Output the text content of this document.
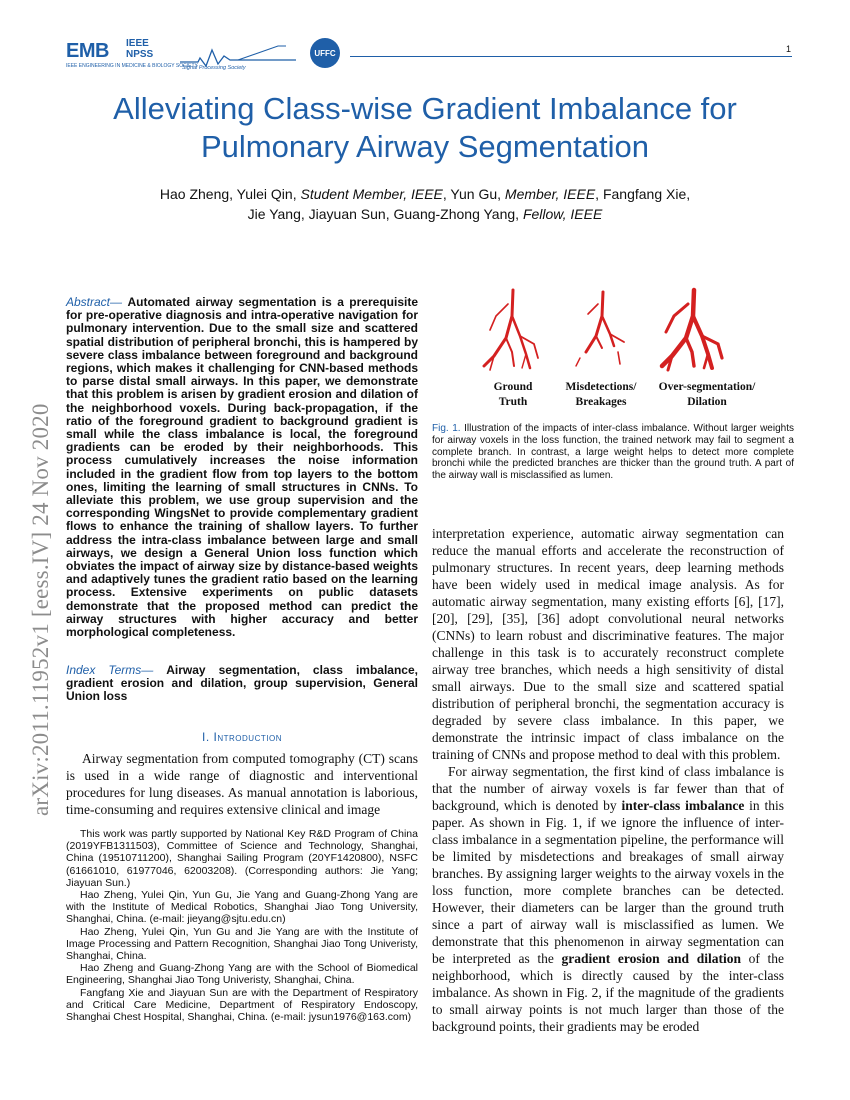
EMB
IEEE ENGINEERING IN MEDICINE & BIOLOGY SOCIETY
IEEE
NPSS
Signal Processing Society
UFFC	1
Alleviating Class-wise Gradient Imbalance for
Pulmonary Airway Segmentation
Hao Zheng, Yulei Qin, Student Member, IEEE, Yun Gu, Member, IEEE, Fangfang Xie,
Jie Yang, Jiayuan Sun, Guang-Zhong Yang, Fellow, IEEE
arXiv:2011.11952v1 [eess.IV] 24 Nov 2020
Abstract— Automated airway segmentation is a prerequisite for pre-operative diagnosis and intra-operative navigation for pulmonary intervention. Due to the small size and scattered spatial distribution of peripheral bronchi, this is hampered by severe class imbalance between foreground and background regions, which makes it challenging for CNN-based methods to parse distal small airways. In this paper, we demonstrate that this problem is arisen by gradient erosion and dilation of the neighborhood voxels. During back-propagation, if the ratio of the foreground gradient to background gradient is small while the class imbalance is local, the foreground gradients can be eroded by their neighborhoods. This process cumulatively increases the noise information included in the gradient flow from top layers to the bottom ones, limiting the learning of small structures in CNNs. To alleviate this problem, we use group supervision and the corresponding WingsNet to provide complementary gradient flows to enhance the training of shallow layers. To further address the intra-class imbalance between large and small airways, we design a General Union loss function which obviates the impact of airway size by distance-based weights and adaptively tunes the gradient ratio based on the learning process. Extensive experiments on public datasets demonstrate that the proposed method can predict the airway structures with higher accuracy and better morphological completeness.
Index Terms— Airway segmentation, class imbalance, gradient erosion and dilation, group supervision, General Union loss
I. Introduction

Airway segmentation from computed tomography (CT) scans is used in a wide range of diagnostic and interventional procedures for lung diseases. As manual annotation is laborious, time-consuming and requires extensive clinical and image

This work was partly supported by National Key R&D Program of China (2019YFB1311503), Committee of Science and Technology, Shanghai, China (19510711200), Shanghai Sailing Program (20YF1420800), NSFC (61661010, 61977046, 62003208). (Corresponding authors: Jie Yang; Jiayuan Sun.)

Hao Zheng, Yulei Qin, Yun Gu, Jie Yang and Guang-Zhong Yang are with the Institute of Medical Robotics, Shanghai Jiao Tong University, Shanghai, China. (e-mail: jieyang@sjtu.edu.cn)

Hao Zheng, Yulei Qin, Yun Gu and Jie Yang are with the Institute of Image Processing and Pattern Recognition, Shanghai Jiao Tong Univeristy, Shanghai, China.

Hao Zheng and Guang-Zhong Yang are with the School of Biomedical Engineering, Shanghai Jiao Tong Univeristy, Shanghai, China.

Fangfang Xie and Jiayuan Sun are with the Department of Respiratory and Critical Care Medicine, Department of Respiratory Endoscopy, Shanghai Chest Hospital, Shanghai, China. (e-mail: jysun1976@163.com)

Ground
Truth
Misdetections/
Breakages
Over-segmentation/
Dilation
Fig. 1. Illustration of the impacts of inter-class imbalance. Without larger weights for airway voxels in the loss function, the trained network may fail to segment a complete branch. In contrast, a large weight helps to detect more complete bronchi while the predicted branches are thicker than the ground truth. A part of the airway wall is misclassified as lumen.

interpretation experience, automatic airway segmentation can reduce the manual efforts and accelerate the reconstruction of pulmonary structures. In recent years, deep learning methods have been widely used in medical image analysis. As for automatic airway segmentation, many existing efforts [6], [17], [20], [29], [35], [36] adopt convolutional neural networks (CNNs) to learn robust and discriminative features. The major challenge in this task is to accurately reconstruct complete airway tree branches, which needs a high sensitivity of distal small airways. Due to the small size and scattered spatial distribution of peripheral bronchi, the segmentation accuracy is degraded by severe class imbalance. In this paper, we demonstrate the intrinsic impact of class imbalance on the training of CNNs and propose method to deal with this problem.

For airway segmentation, the first kind of class imbalance is that the number of airway voxels is far fewer than that of background, which is denoted by inter-class imbalance in this paper. As shown in Fig. 1, if we ignore the influence of inter-class imbalance in a segmentation pipeline, the performance will be limited by misdetections and breakages of small airway branches. By assigning larger weights to the airway voxels in the loss function, more complete branches can be detected. However, their diameters can be larger than the ground truth since a part of airway wall is misclassified as lumen. We demonstrate that this phenomenon in airway segmentation can be interpreted as the gradient erosion and dilation of the neighborhood, which is directly caused by the inter-class imbalance. As shown in Fig. 2, if the magnitude of the gradients to small airway points is not much larger than those of the background points, their gradients may be eroded
